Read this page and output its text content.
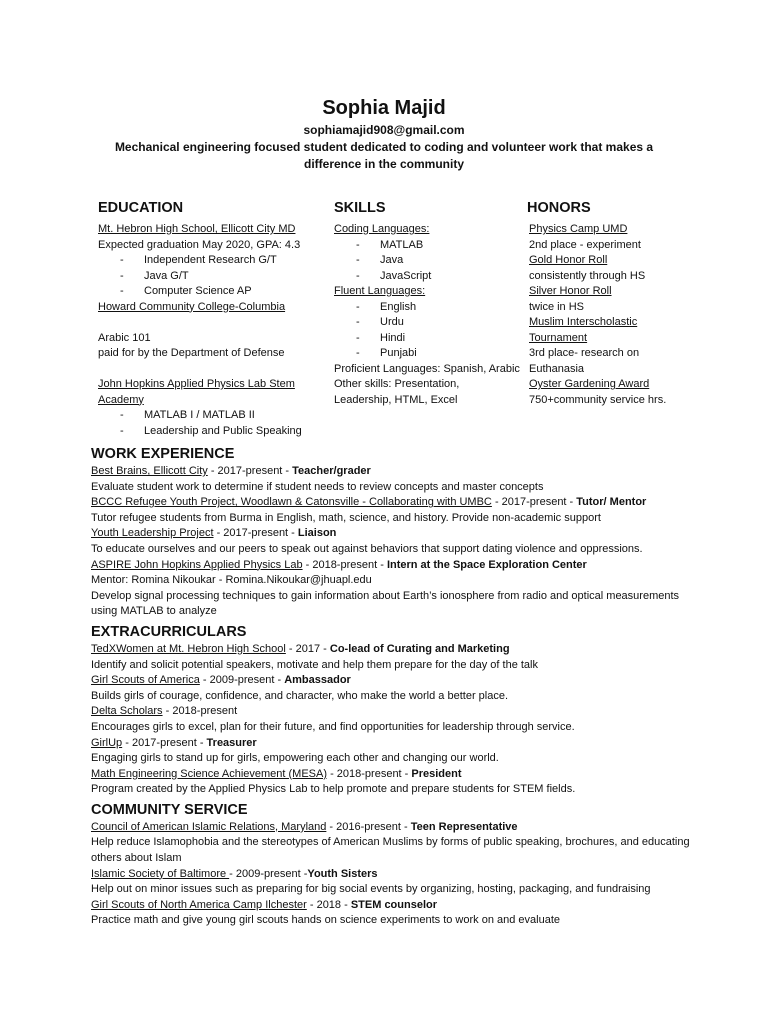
Sophia Majid
sophiamajid908@gmail.com
Mechanical engineering focused student dedicated to coding and volunteer work that makes a difference in the community
EDUCATION
Mt. Hebron High School, Ellicott City MD
Expected graduation May 2020, GPA: 4.3
- Independent Research G/T
- Java G/T
- Computer Science AP
Howard Community College-Columbia
Arabic 101
paid for by the Department of Defense
John Hopkins Applied Physics Lab Stem Academy
- MATLAB I / MATLAB II
- Leadership and Public Speaking
SKILLS
Coding Languages:
- MATLAB
- Java
- JavaScript
Fluent Languages:
- English
- Urdu
- Hindi
- Punjabi
Proficient Languages: Spanish, Arabic
Other skills: Presentation, Leadership, HTML, Excel
HONORS
Physics Camp UMD
2nd place - experiment
Gold Honor Roll
consistently through HS
Silver Honor Roll
twice in HS
Muslim Interscholastic Tournament
3rd place- research on Euthanasia
Oyster Gardening Award
750+community service hrs.
WORK EXPERIENCE
Best Brains, Ellicott City - 2017-present - Teacher/grader
Evaluate student work to determine if student needs to review concepts and master concepts
BCCC Refugee Youth Project, Woodlawn & Catonsville - Collaborating with UMBC - 2017-present - Tutor/ Mentor
Tutor refugee students from Burma in English, math, science, and history. Provide non-academic support
Youth Leadership Project - 2017-present - Liaison
To educate ourselves and our peers to speak out against behaviors that support dating violence and oppressions.
ASPIRE John Hopkins Applied Physics Lab - 2018-present - Intern at the Space Exploration Center
Mentor: Romina Nikoukar - Romina.Nikoukar@jhuapl.edu
Develop signal processing techniques to gain information about Earth’s ionosphere from radio and optical measurements using MATLAB to analyze
EXTRACURRICULARS
TedXWomen at Mt. Hebron High School - 2017 - Co-lead of Curating and Marketing
Identify and solicit potential speakers, motivate and help them prepare for the day of the talk
Girl Scouts of America - 2009-present - Ambassador
Builds girls of courage, confidence, and character, who make the world a better place.
Delta Scholars - 2018-present
Encourages girls to excel, plan for their future, and find opportunities for leadership through service.
GirlUp - 2017-present - Treasurer
Engaging girls to stand up for girls, empowering each other and changing our world.
Math Engineering Science Achievement (MESA) - 2018-present - President
Program created by the Applied Physics Lab to help promote and prepare students for STEM fields.
COMMUNITY SERVICE
Council of American Islamic Relations, Maryland - 2016-present - Teen Representative
Help reduce Islamophobia and the stereotypes of American Muslims by forms of public speaking, brochures, and educating others about Islam
Islamic Society of Baltimore - 2009-present -Youth Sisters
Help out on minor issues such as preparing for big social events by organizing, hosting, packaging, and fundraising
Girl Scouts of North America Camp Ilchester - 2018 - STEM counselor
Practice math and give young girl scouts hands on science experiments to work on and evaluate
